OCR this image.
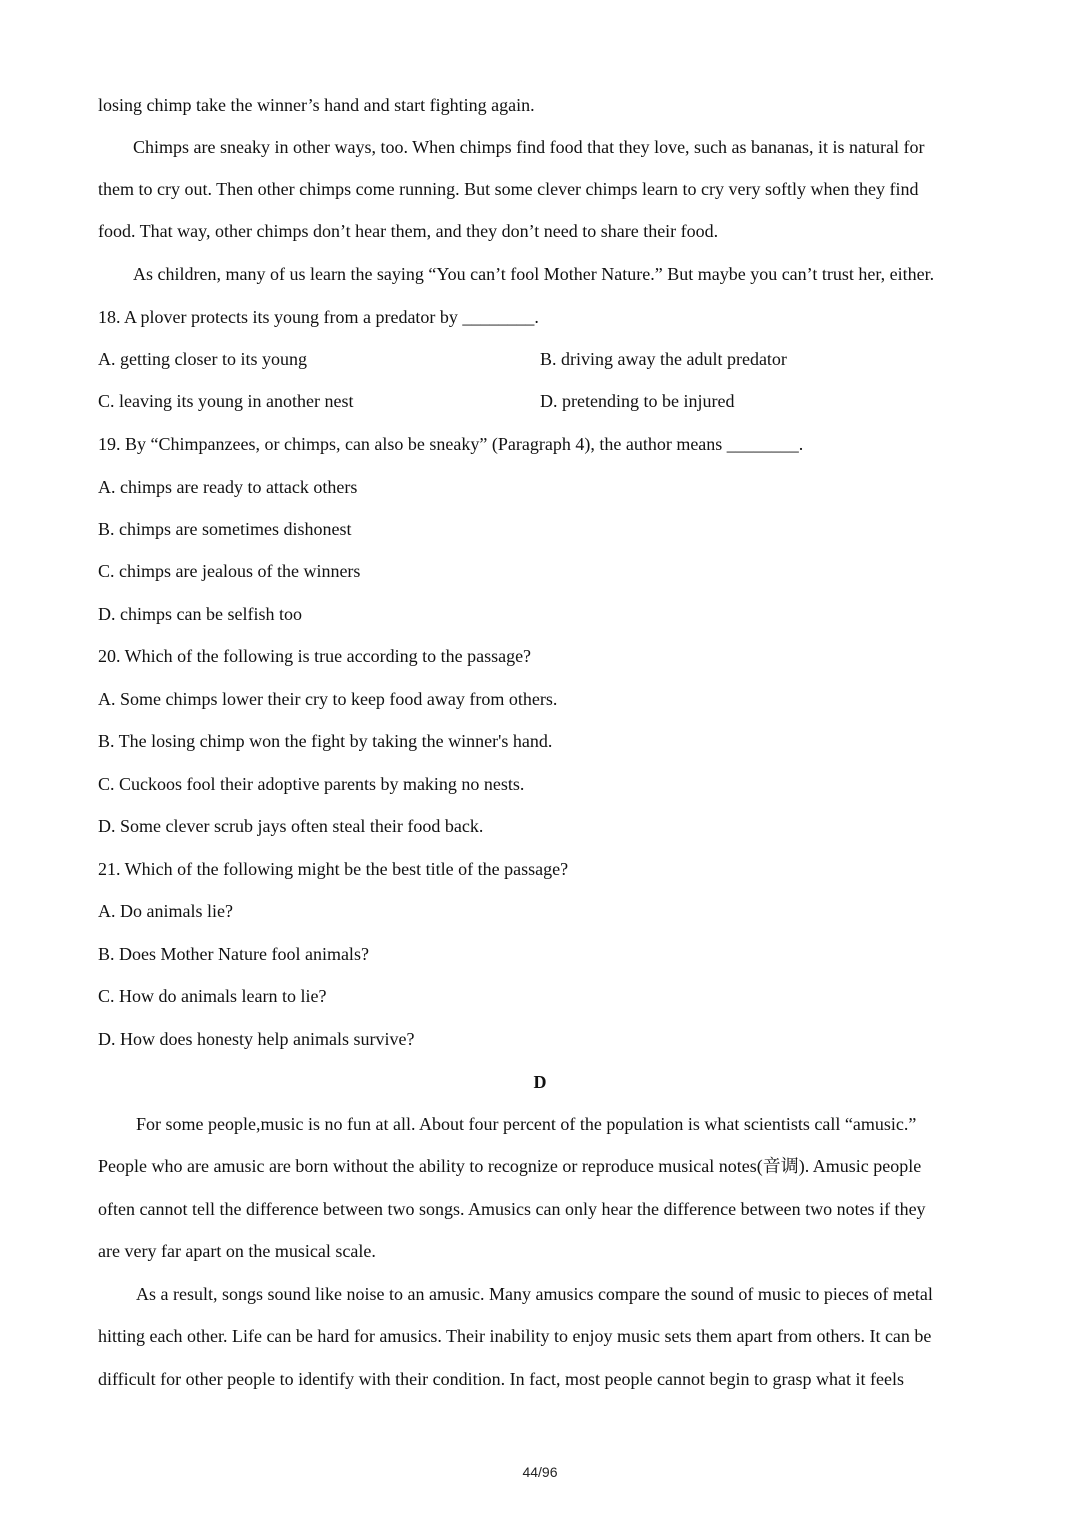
losing chimp take the winner’s hand and start fighting again.
Chimps are sneaky in other ways, too. When chimps find food that they love, such as bananas, it is natural for
them to cry out. Then other chimps come running. But some clever chimps learn to cry very softly when they find
food. That way, other chimps don’t hear them, and they don’t need to share their food.
As children, many of us learn the saying “You can’t fool Mother Nature.” But maybe you can’t trust her, either.
18. A plover protects its young from a predator by ________.
A. getting closer to its young	B. driving away the adult predator
C. leaving its young in another nest	D. pretending to be injured
19. By “Chimpanzees, or chimps, can also be sneaky” (Paragraph 4), the author means ________.
A. chimps are ready to attack others
B. chimps are sometimes dishonest
C. chimps are jealous of the winners
D. chimps can be selfish too
20. Which of the following is true according to the passage?
A. Some chimps lower their cry to keep food away from others.
B. The losing chimp won the fight by taking the winner's hand.
C. Cuckoos fool their adoptive parents by making no nests.
D. Some clever scrub jays often steal their food back.
21. Which of the following might be the best title of the passage?
A. Do animals lie?
B. Does Mother Nature fool animals?
C. How do animals learn to lie?
D. How does honesty help animals survive?
D
For some people,music is no fun at all. About four percent of the population is what scientists call “amusic.”
People who are amusic are born without the ability to recognize or reproduce musical notes(音调). Amusic people
often cannot tell the difference between two songs. Amusics can only hear the difference between two notes if they
are very far apart on the musical scale.
As a result, songs sound like noise to an amusic. Many amusics compare the sound of music to pieces of metal
hitting each other. Life can be hard for amusics. Their inability to enjoy music sets them apart from others. It can be
difficult for other people to identify with their condition. In fact, most people cannot begin to grasp what it feels
44/96
